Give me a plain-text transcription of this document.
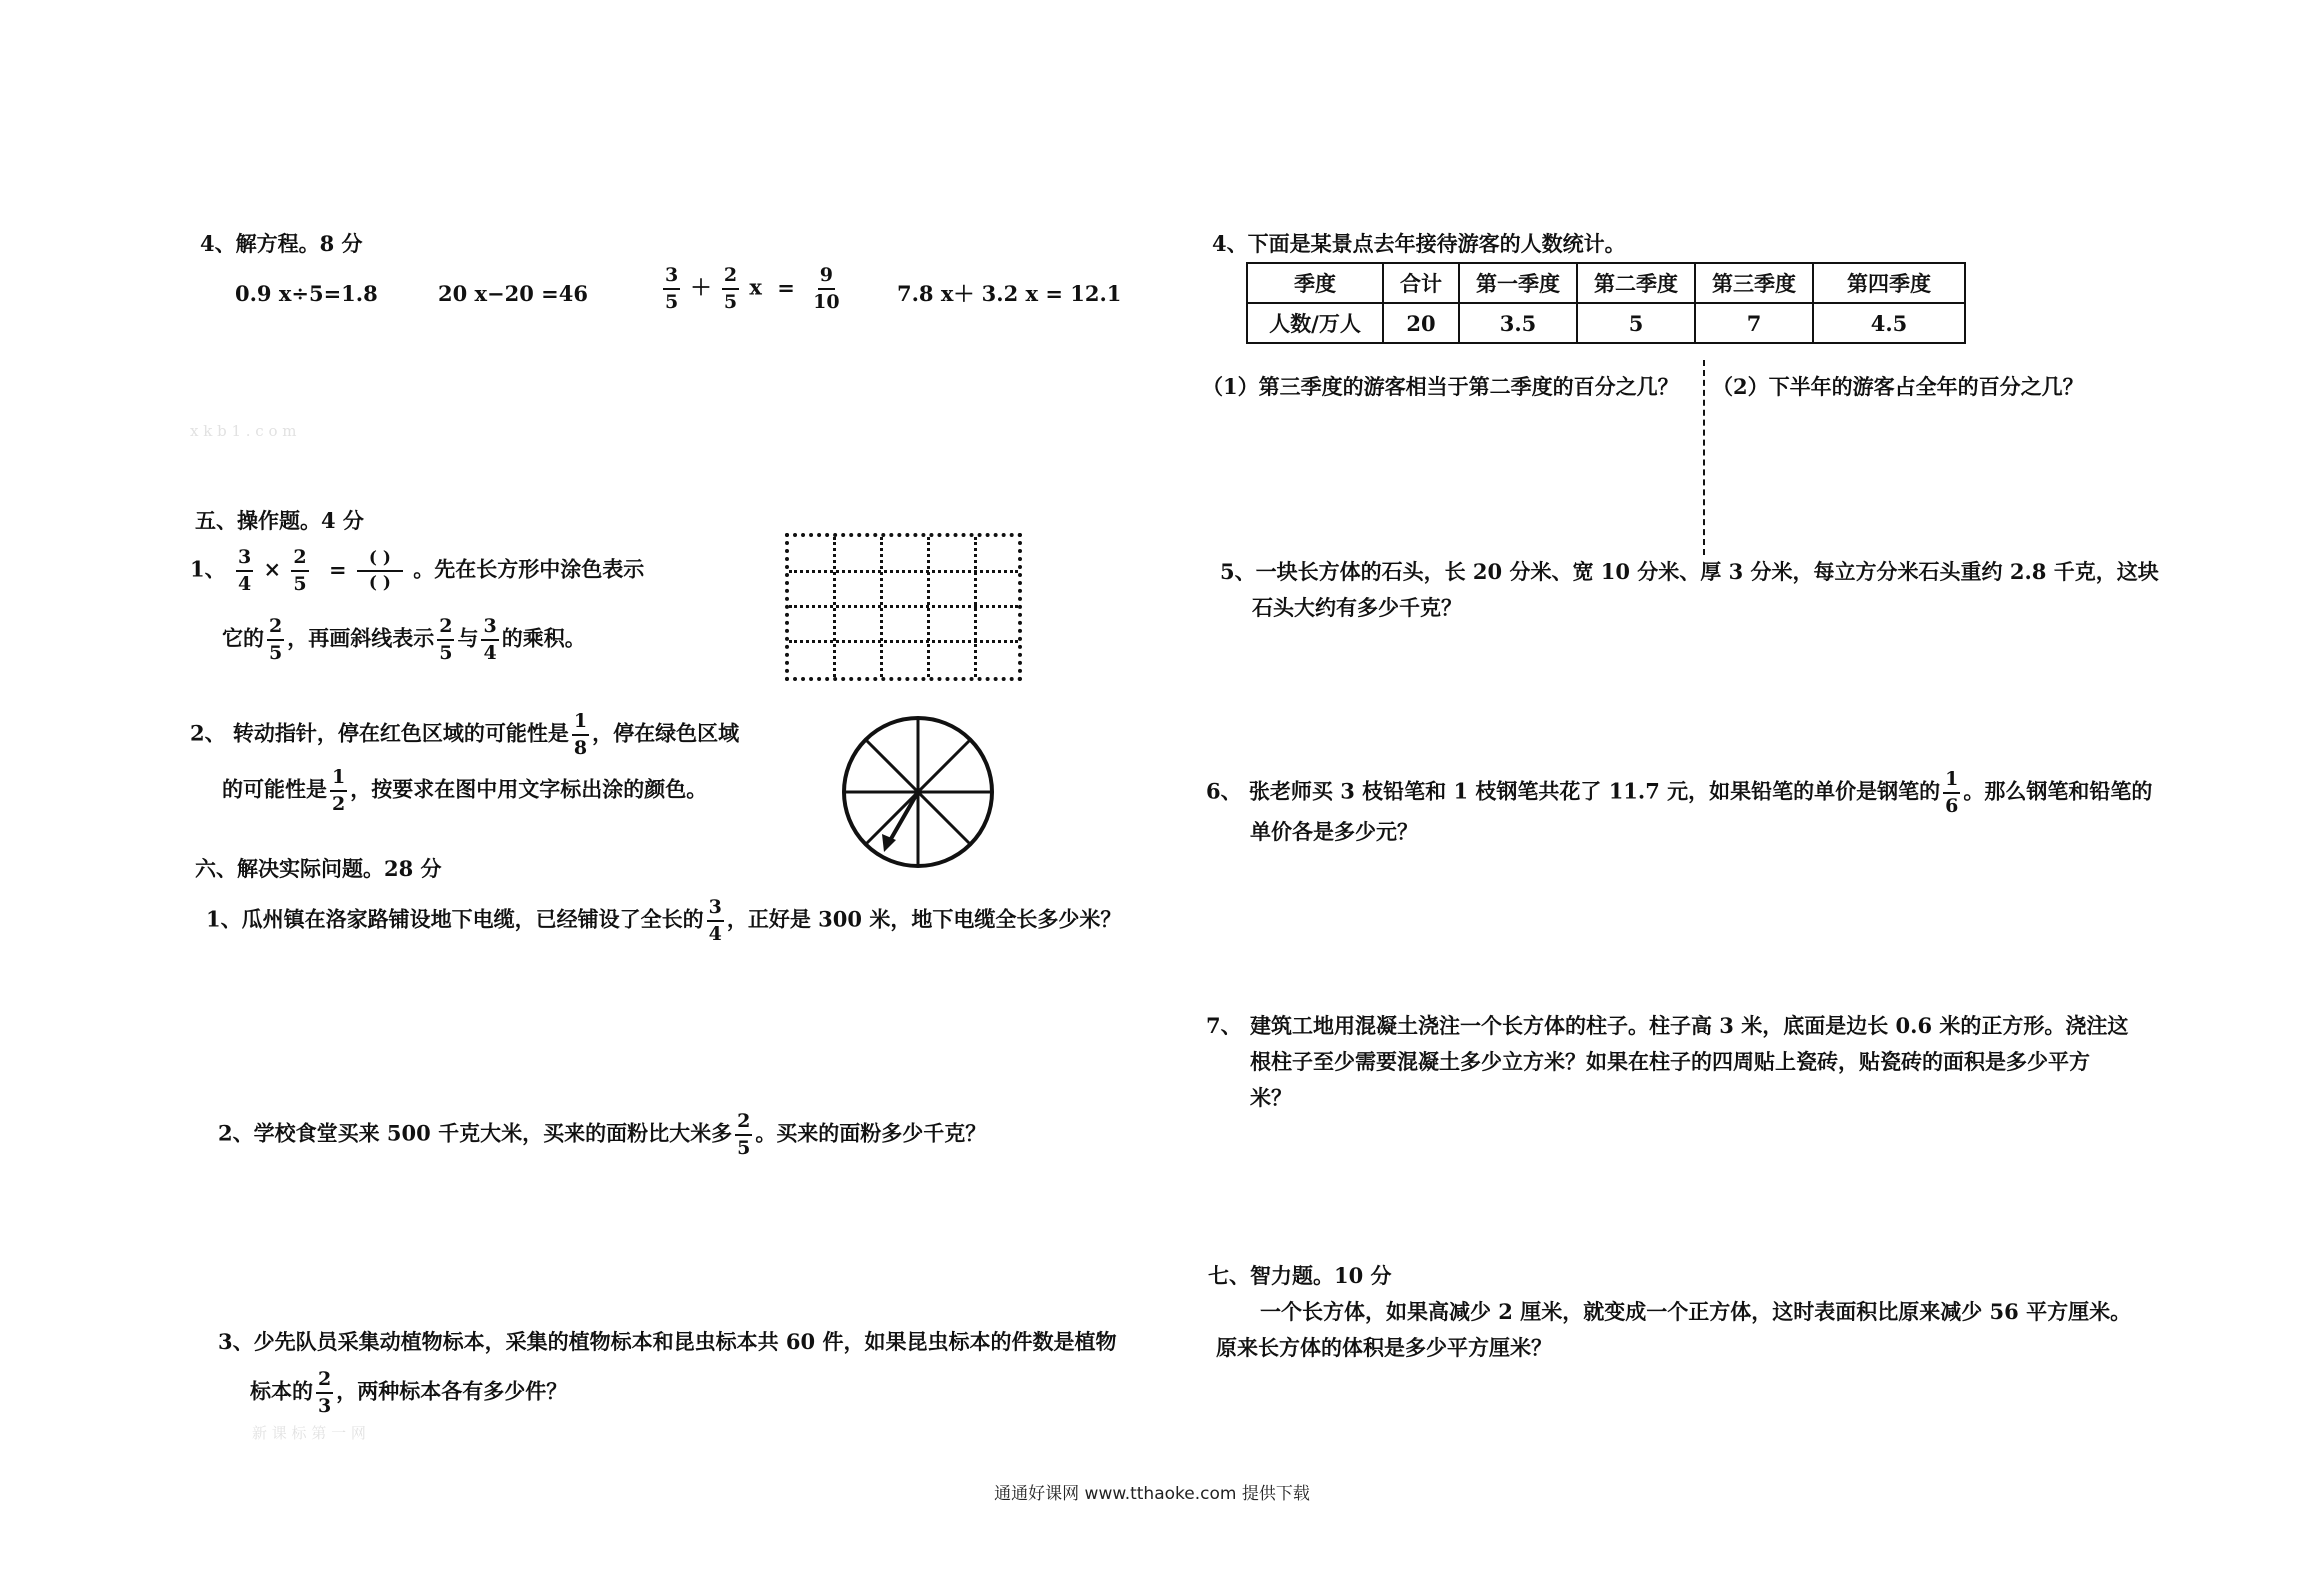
4、解方程。8 分
0.9 x÷5=1.8	20 x−20 =46	$\frac{3}{5} + \frac{2}{5}$ $x = \frac{9}{10}$	7.8 x＋ 3.2 x = 12.1
x k b 1 . c o m
五、操作题。4 分
1、 $\frac{3}{4} \times \frac{2}{5} = \frac{( )}{( )}$ 。先在长方形中涂色表示
它的 $\frac{2}{5}$ ，再画斜线表示 $\frac{2}{5}$ 与 $\frac{3}{4}$ 的乘积。
2、 转动指针，停在红色区域的可能性是 $\frac{1}{8}$ ，停在绿色区域
的可能性是 $\frac{1}{2}$ ，按要求在图中用文字标出涂的颜色。
六、解决实际问题。28 分
1、瓜州镇在洛家路铺设地下电缆，已经铺设了全长的 $\frac{3}{4}$ ，正好是 300 米，地下电缆全长多少米？
2、学校食堂买来 500 千克大米，买来的面粉比大米多 $\frac{2}{5}$ 。买来的面粉多少千克？
3、少先队员采集动植物标本，采集的植物标本和昆虫标本共 60 件，如果昆虫标本的件数是植物
标本的 $\frac{2}{3}$ ，两种标本各有多少件？
新 课 标 第 一 网
4、下面是某景点去年接待游客的人数统计。
季度	合计	第一季度	第二季度	第三季度	第四季度
人数/万人	20	3.5	5	7	4.5
（1）第三季度的游客相当于第二季度的百分之几？ （2）下半年的游客占全年的百分之几？
5、一块长方体的石头，长 20 分米、宽 10 分米、厚 3 分米，每立方分米石头重约 2.8 千克，这块
石头大约有多少千克？
6、 张老师买 3 枝铅笔和 1 枝钢笔共花了 11.7 元，如果铅笔的单价是钢笔的 $\frac{1}{6}$ 。那么钢笔和铅笔的
单价各是多少元？
7、 建筑工地用混凝土浇注一个长方体的柱子。柱子高 3 米，底面是边长 0.6 米的正方形。浇注这
根柱子至少需要混凝土多少立方米？如果在柱子的四周贴上瓷砖，贴瓷砖的面积是多少平方
米？
七、智力题。10 分
一个长方体，如果高减少 2 厘米，就变成一个正方体，这时表面积比原来减少 56 平方厘米。
原来长方体的体积是多少平方厘米？
通通好课网 www.tthaoke.com 提供下载
